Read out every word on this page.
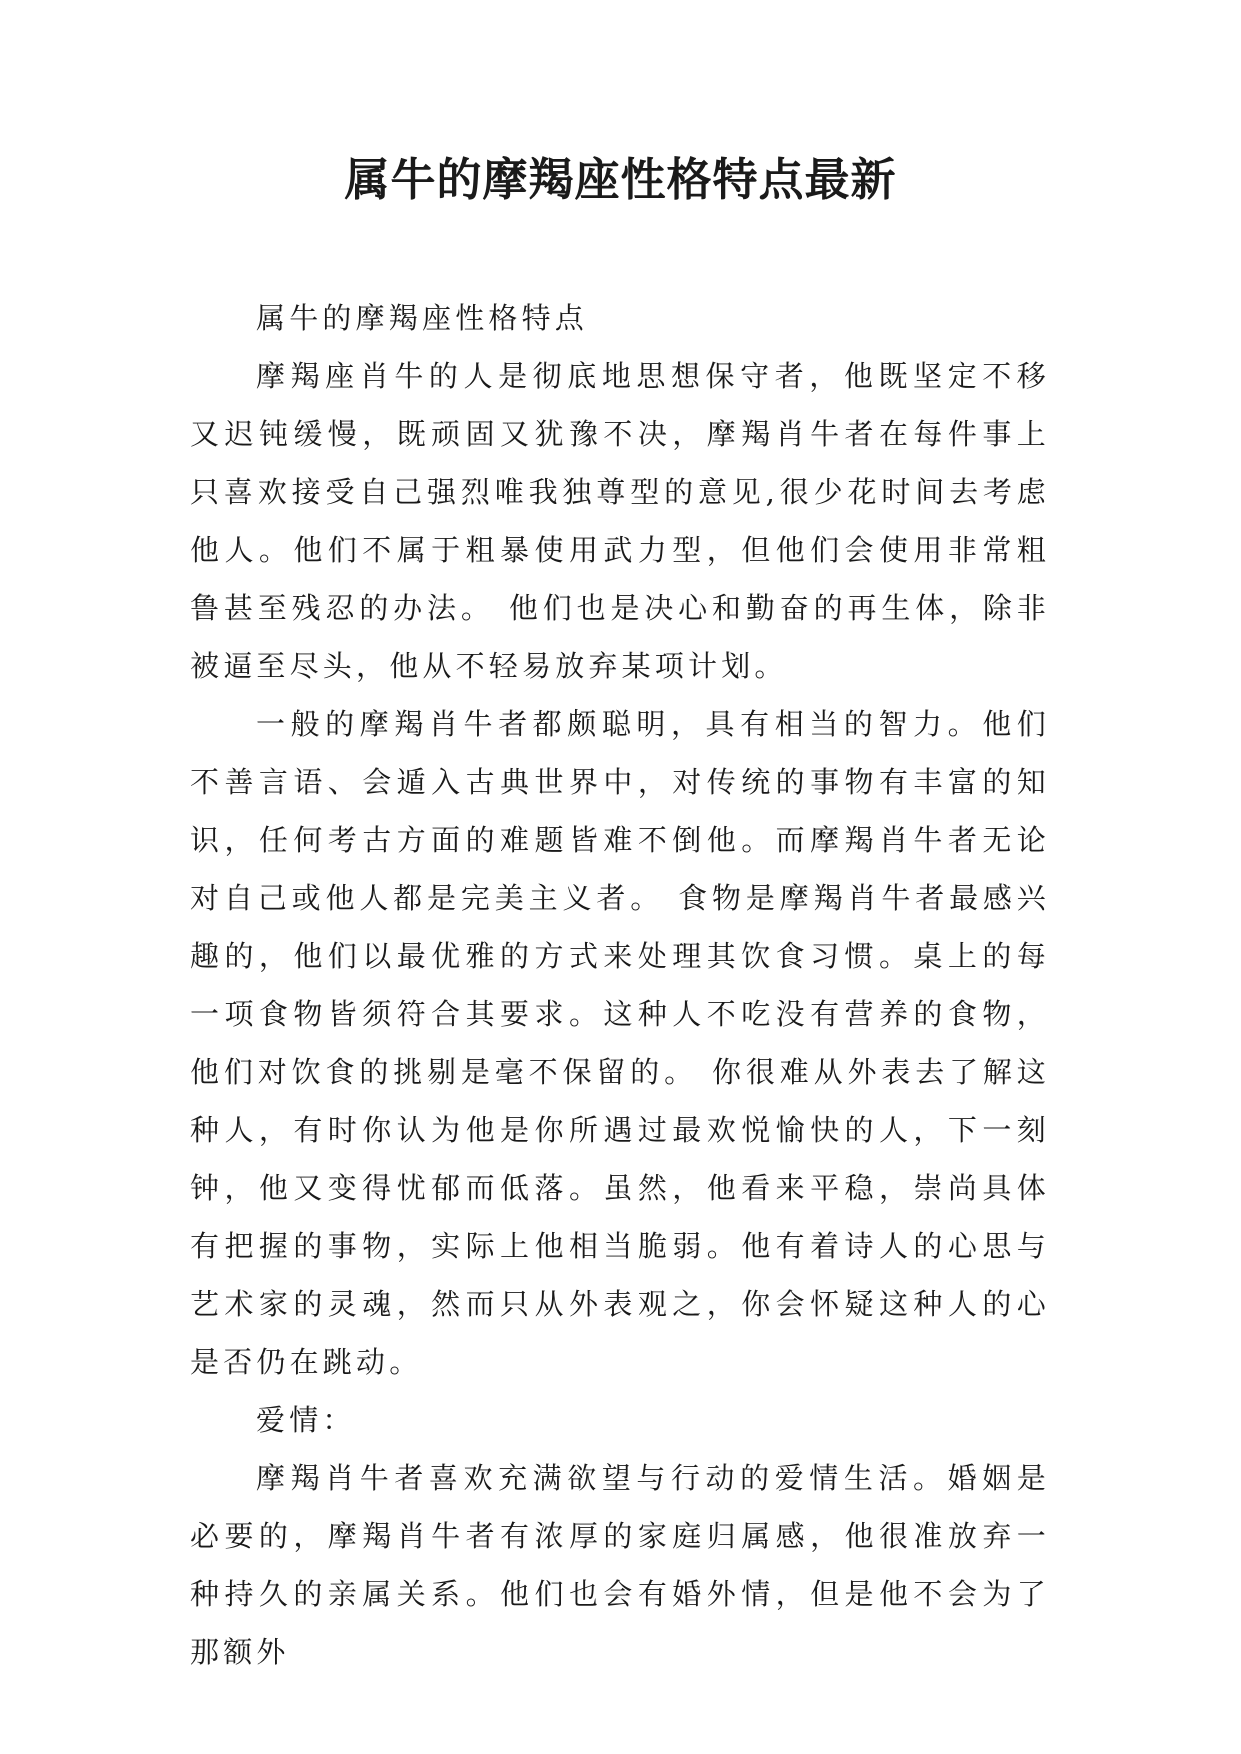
属牛的摩羯座性格特点最新

属牛的摩羯座性格特点

摩羯座肖牛的人是彻底地思想保守者，他既坚定不移又迟钝缓慢，既顽固又犹豫不决，摩羯肖牛者在每件事上只喜欢接受自己强烈唯我独尊型的意见,很少花时间去考虑他人。他们不属于粗暴使用武力型，但他们会使用非常粗鲁甚至残忍的办法。 他们也是决心和勤奋的再生体，除非被逼至尽头，他从不轻易放弃某项计划。

一般的摩羯肖牛者都颇聪明，具有相当的智力。他们不善言语、会遁入古典世界中，对传统的事物有丰富的知识，任何考古方面的难题皆难不倒他。而摩羯肖牛者无论对自己或他人都是完美主义者。 食物是摩羯肖牛者最感兴趣的，他们以最优雅的方式来处理其饮食习惯。桌上的每一项食物皆须符合其要求。这种人不吃没有营养的食物，他们对饮食的挑剔是毫不保留的。 你很难从外表去了解这种人，有时你认为他是你所遇过最欢悦愉快的人，下一刻钟，他又变得忧郁而低落。虽然，他看来平稳，崇尚具体有把握的事物，实际上他相当脆弱。他有着诗人的心思与艺术家的灵魂，然而只从外表观之，你会怀疑这种人的心是否仍在跳动。

爱情：

摩羯肖牛者喜欢充满欲望与行动的爱情生活。婚姻是必要的，摩羯肖牛者有浓厚的家庭归属感，他很准放弃一种持久的亲属关系。他们也会有婚外情，但是他不会为了那额外
